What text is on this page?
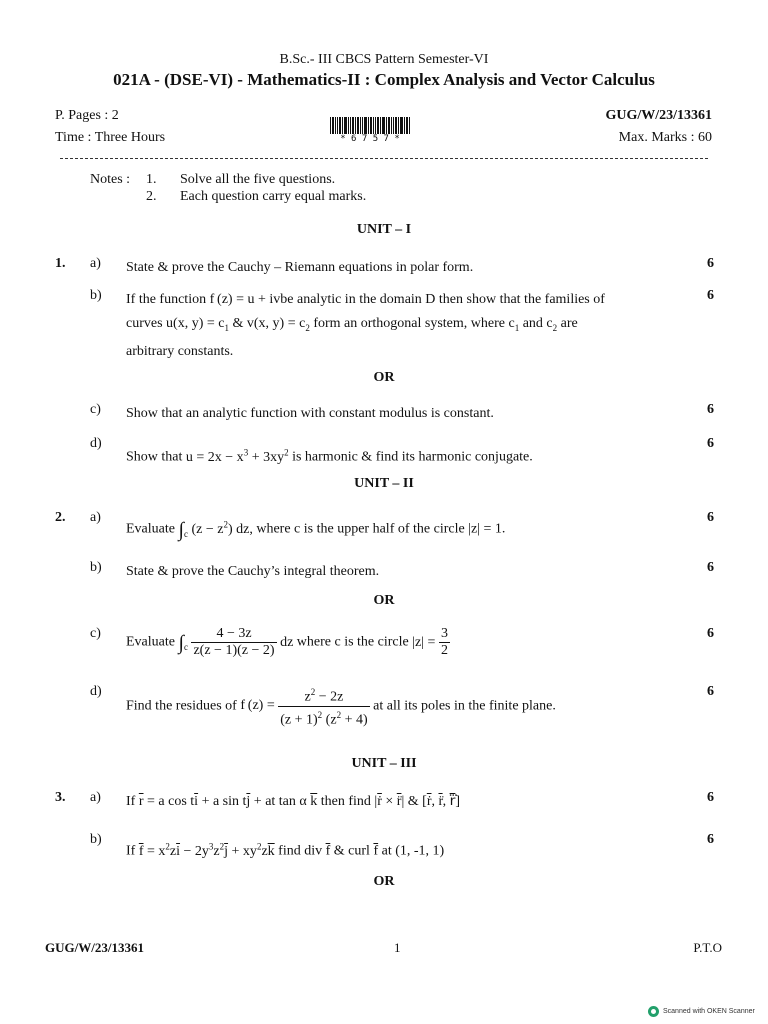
B.Sc.- III CBCS Pattern Semester-VI
021A - (DSE-VI) - Mathematics-II : Complex Analysis and Vector Calculus
P. Pages : 2	GUG/W/23/13361
Time : Three Hours	Max. Marks : 60
* 6 7 5 7 *
Notes : 1. Solve all the five questions.
2. Each question carry equal marks.
UNIT – I
1. a) State & prove the Cauchy – Riemann equations in polar form.	6
b) If the function f (z) = u + ivbe analytic in the domain D then show that the families of
curves u(x, $y) = c_1$ & v(x, $y) = c_2$ form an orthogonal system, where $c_1$ and $c_2$ are
arbitrary constants.
6
OR
c) Show that an analytic function with constant modulus is constant.	6
d)
Show that $u = 2x - x^3 + 3xy^2$ is harmonic & find its harmonic conjugate.
6
UNIT – II
2. a)
Evaluate $\int_c$ $(z - z^2)$ dz, where c is the upper half of the circle |z| = 1.
6
b) State & prove the Cauchy’s integral theorem.	6
OR
c)
Evaluate $\int_c \frac{4 - 3z}{z(z - 1)(z - 2)}$ dz where c is the circle $|z| = \frac{3}{2}$	6
d)
Find the residues of f $(z) = \frac{z^2 - 2z}{(z + 1)^2 (z^2 + 4)}$ at all its poles in the finite plane.
6
UNIT – III
3. a) If $\overline{r} = a$ $\cos t\overline{i} + a$ $\sin t\overline{j}$ + at tan α $\overline{k}$ then find $|\overline{ṙ}$ × r̈| & [$\overline{ṙ}$, r̈, r⃛]	6
b)
If $\overline{f} = x^2z\overline{i} - 2y^3z^2\overline{j} + xy^2z\overline{k}$ find div $\overline{f}$ & curl $\overline{f}$ at (1, -1, 1)
6
OR
GUG/W/23/13361	1	P.T.O
Scanned with OKEN Scanner
